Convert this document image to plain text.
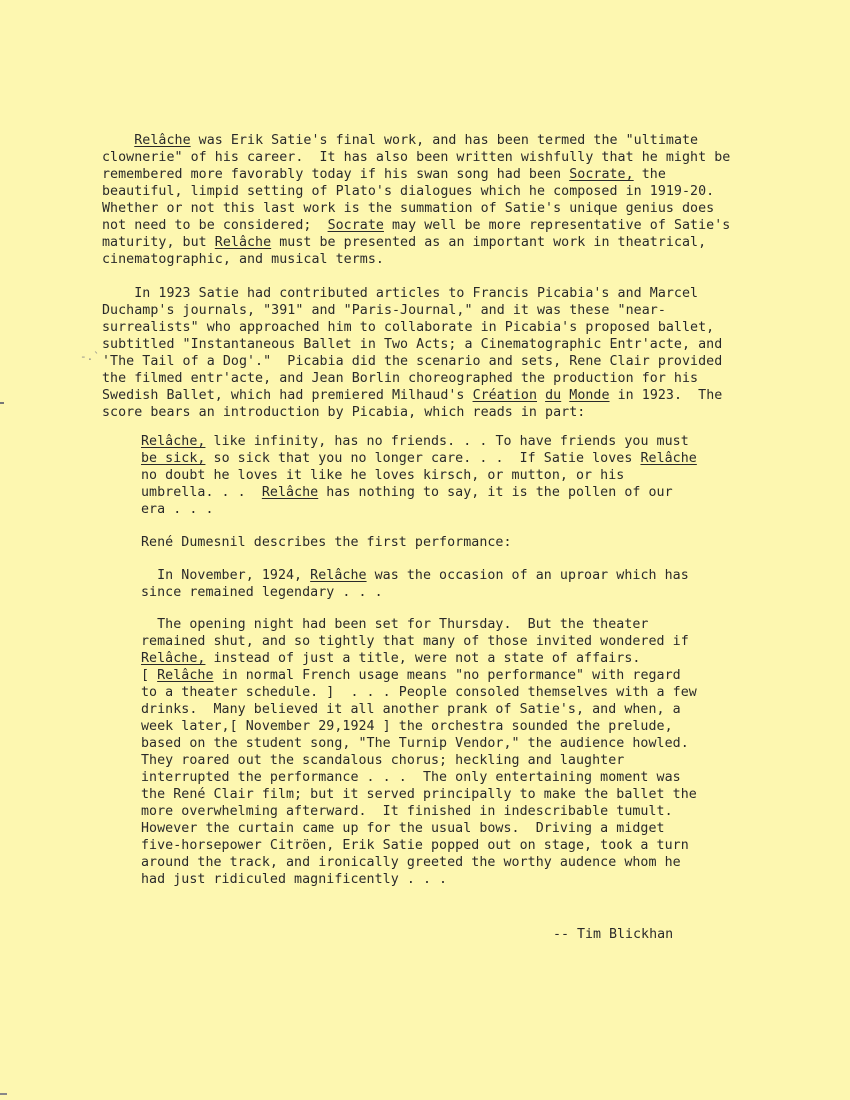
-.`
-- Tim Blickhan
Relâche was Erik Satie's final work, and has been termed the "ultimate
clownerie" of his career.  It has also been written wishfully that he might be
remembered more favorably today if his swan song had been Socrate, the
beautiful, limpid setting of Plato's dialogues which he composed in 1919-20.
Whether or not this last work is the summation of Satie's unique genius does
not need to be considered;  Socrate may well be more representative of Satie's
maturity, but Relâche must be presented as an important work in theatrical,
cinematographic, and musical terms.
In 1923 Satie had contributed articles to Francis Picabia's and Marcel
Duchamp's journals, "391" and "Paris-Journal," and it was these "near-
surrealists" who approached him to collaborate in Picabia's proposed ballet,
subtitled "Instantaneous Ballet in Two Acts; a Cinematographic Entr'acte, and
'The Tail of a Dog'."  Picabia did the scenario and sets, Rene Clair provided
the filmed entr'acte, and Jean Borlin choreographed the production for his
Swedish Ballet, which had premiered Milhaud's Création du Monde in 1923.  The
score bears an introduction by Picabia, which reads in part:
Relâche, like infinity, has no friends. . . To have friends you must
be sick, so sick that you no longer care. . .  If Satie loves Relâche
no doubt he loves it like he loves kirsch, or mutton, or his
umbrella. . .  Relâche has nothing to say, it is the pollen of our
era . . .
René Dumesnil describes the first performance:
In November, 1924, Relâche was the occasion of an uproar which has
since remained legendary . . .
The opening night had been set for Thursday.  But the theater
remained shut, and so tightly that many of those invited wondered if
Relâche, instead of just a title, were not a state of affairs.
[ Relâche in normal French usage means "no performance" with regard
to a theater schedule. ]  . . . People consoled themselves with a few
drinks.  Many believed it all another prank of Satie's, and when, a
week later,[ November 29,1924 ] the orchestra sounded the prelude,
based on the student song, "The Turnip Vendor," the audience howled.
They roared out the scandalous chorus; heckling and laughter
interrupted the performance . . .  The only entertaining moment was
the René Clair film; but it served principally to make the ballet the
more overwhelming afterward.  It finished in indescribable tumult.
However the curtain came up for the usual bows.  Driving a midget
five-horsepower Citröen, Erik Satie popped out on stage, took a turn
around the track, and ironically greeted the worthy audence whom he
had just ridiculed magnificently . . .
